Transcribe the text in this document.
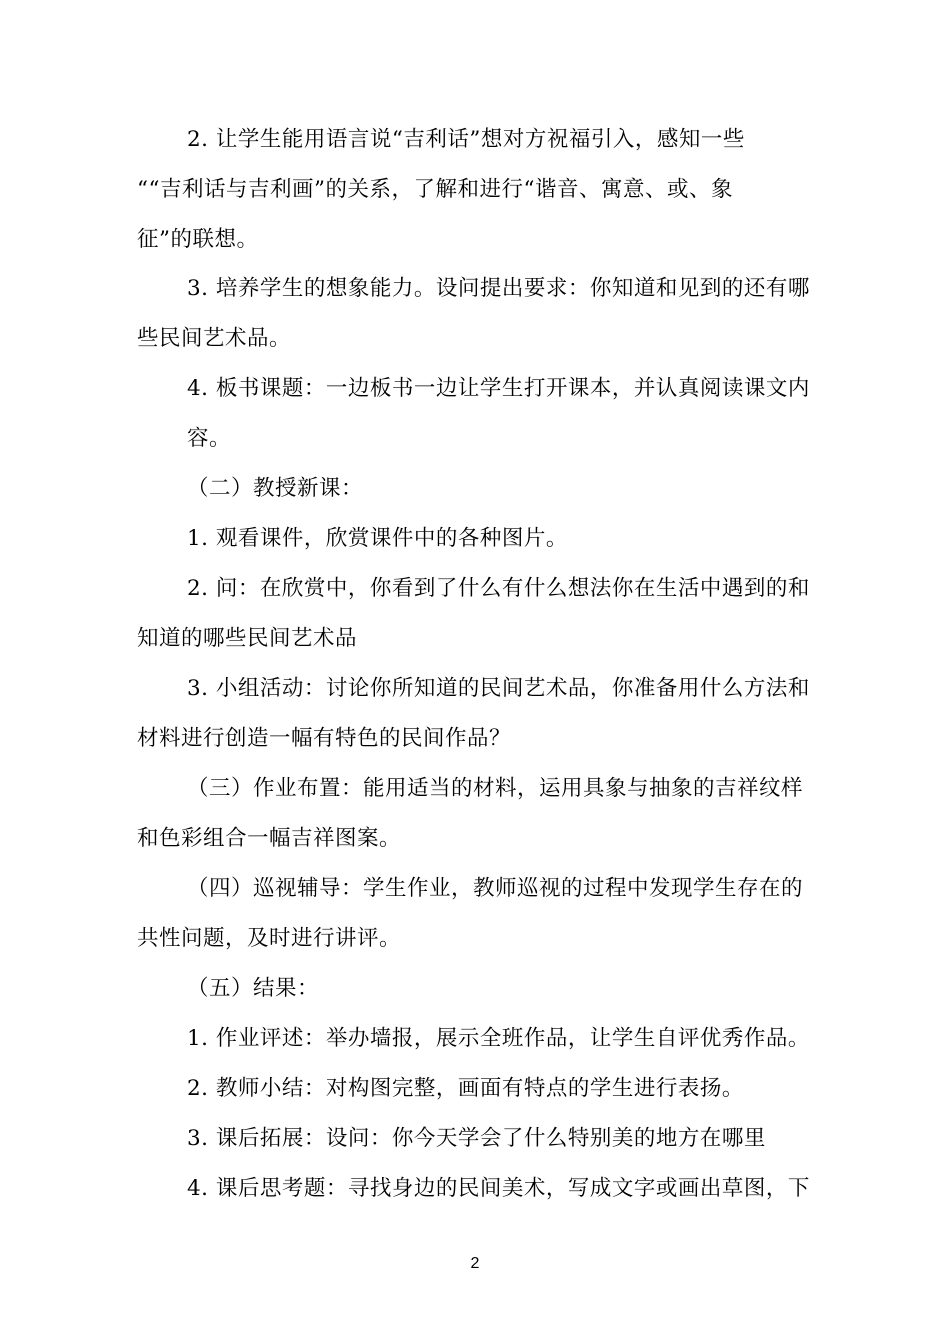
2. 让学生能用语言说“吉利话”想对方祝福引入，感知一些
““吉利话与吉利画”的关系，了解和进行“谐音、寓意、或、象
征”的联想。
3. 培养学生的想象能力。设问提出要求：你知道和见到的还有哪
些民间艺术品。
4. 板书课题：一边板书一边让学生打开课本，并认真阅读课文内
容。
（二）教授新课：
1. 观看课件，欣赏课件中的各种图片。
2. 问：在欣赏中，你看到了什么有什么想法你在生活中遇到的和
知道的哪些民间艺术品
3. 小组活动：讨论你所知道的民间艺术品，你准备用什么方法和
材料进行创造一幅有特色的民间作品？
（三）作业布置：能用适当的材料，运用具象与抽象的吉祥纹样
和色彩组合一幅吉祥图案。
（四）巡视辅导：学生作业，教师巡视的过程中发现学生存在的
共性问题，及时进行讲评。
（五）结果：
1. 作业评述：举办墙报，展示全班作品，让学生自评优秀作品。
2. 教师小结：对构图完整，画面有特点的学生进行表扬。
3. 课后拓展：设问：你今天学会了什么特别美的地方在哪里
4. 课后思考题：寻找身边的民间美术，写成文字或画出草图，下
2
